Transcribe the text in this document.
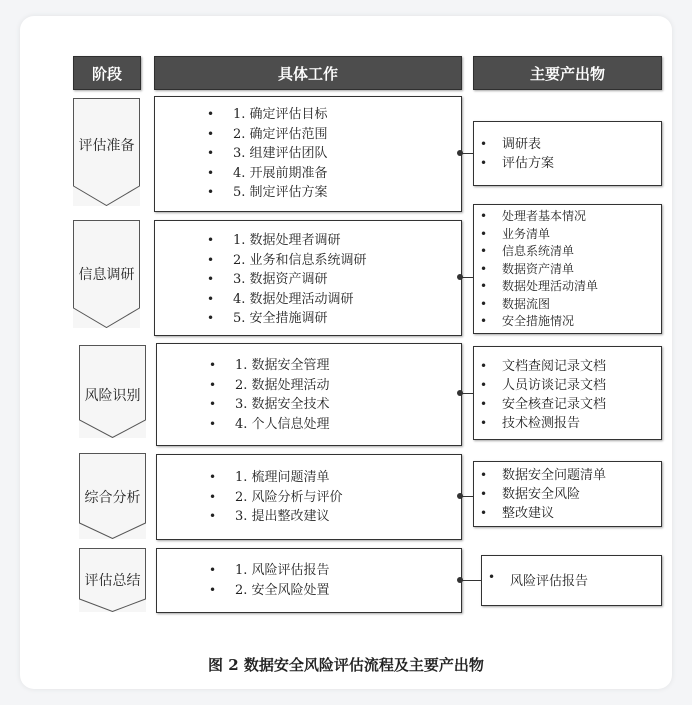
阶段	具体工作	主要产出物
评估准备
• 1. 确定评估目标
• 2. 确定评估范围
• 3. 组建评估团队
• 4. 开展前期准备
• 5. 制定评估方案
• 调研表
• 评估方案
信息调研
• 1. 数据处理者调研
• 2. 业务和信息系统调研
• 3. 数据资产调研
• 4. 数据处理活动调研
• 5. 安全措施调研
• 处理者基本情况
• 业务清单
• 信息系统清单
• 数据资产清单
• 数据处理活动清单
• 数据流图
• 安全措施情况
风险识别
• 1. 数据安全管理
• 2. 数据处理活动
• 3. 数据安全技术
• 4. 个人信息处理
• 文档查阅记录文档
• 人员访谈记录文档
• 安全核查记录文档
• 技术检测报告
综合分析
• 1. 梳理问题清单
• 2. 风险分析与评价
• 3. 提出整改建议
• 数据安全问题清单
• 数据安全风险
• 整改建议
评估总结
• 1. 风险评估报告
• 2. 安全风险处置
• 风险评估报告
图 2 数据安全风险评估流程及主要产出物
